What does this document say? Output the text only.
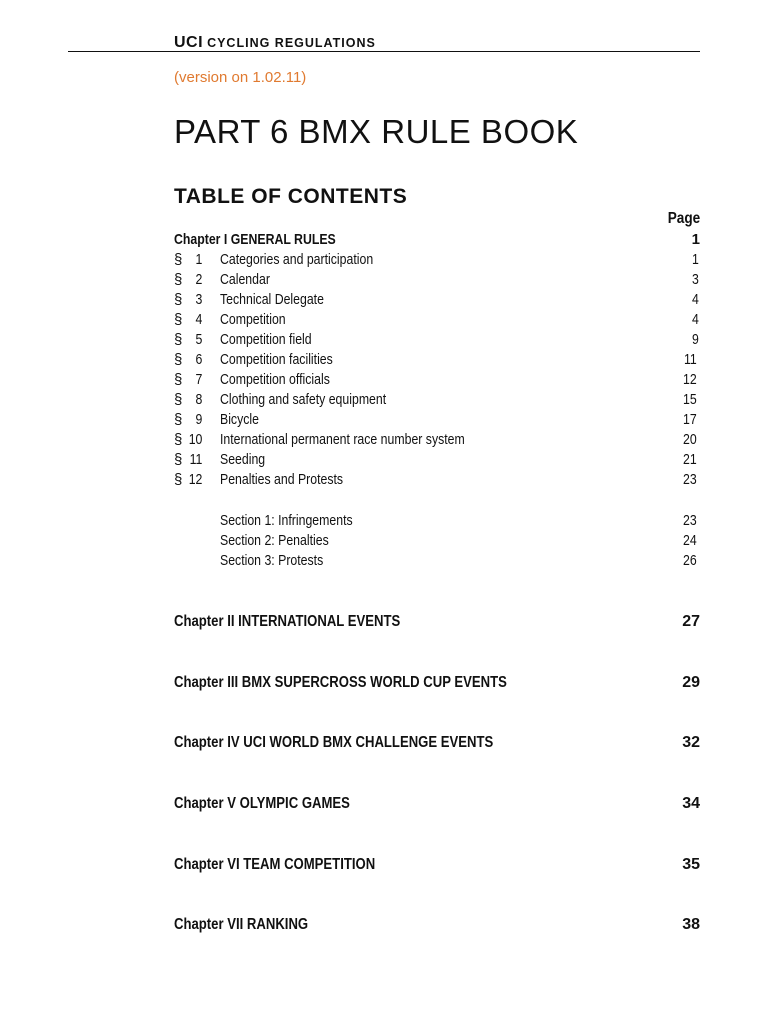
UCI CYCLING REGULATIONS
(version on 1.02.11)
PART 6 BMX RULE BOOK
TABLE OF CONTENTS
Page
Chapter I GENERAL RULES	1
§ 1 Categories and participation	1
§ 2 Calendar	3
§ 3 Technical Delegate	4
§ 4 Competition	4
§ 5 Competition field	9
§ 6 Competition facilities	11
§ 7 Competition officials	12
§ 8 Clothing and safety equipment	15
§ 9 Bicycle	17
§ 10 International permanent race number system	20
§ 11 Seeding	21
§ 12 Penalties and Protests	23
Section 1: Infringements	23
Section 2: Penalties	24
Section 3: Protests	26
Chapter II INTERNATIONAL EVENTS	27
Chapter III BMX SUPERCROSS WORLD CUP EVENTS	29
Chapter IV UCI WORLD BMX CHALLENGE EVENTS	32
Chapter V OLYMPIC GAMES	34
Chapter VI TEAM COMPETITION	35
Chapter VII RANKING	38
